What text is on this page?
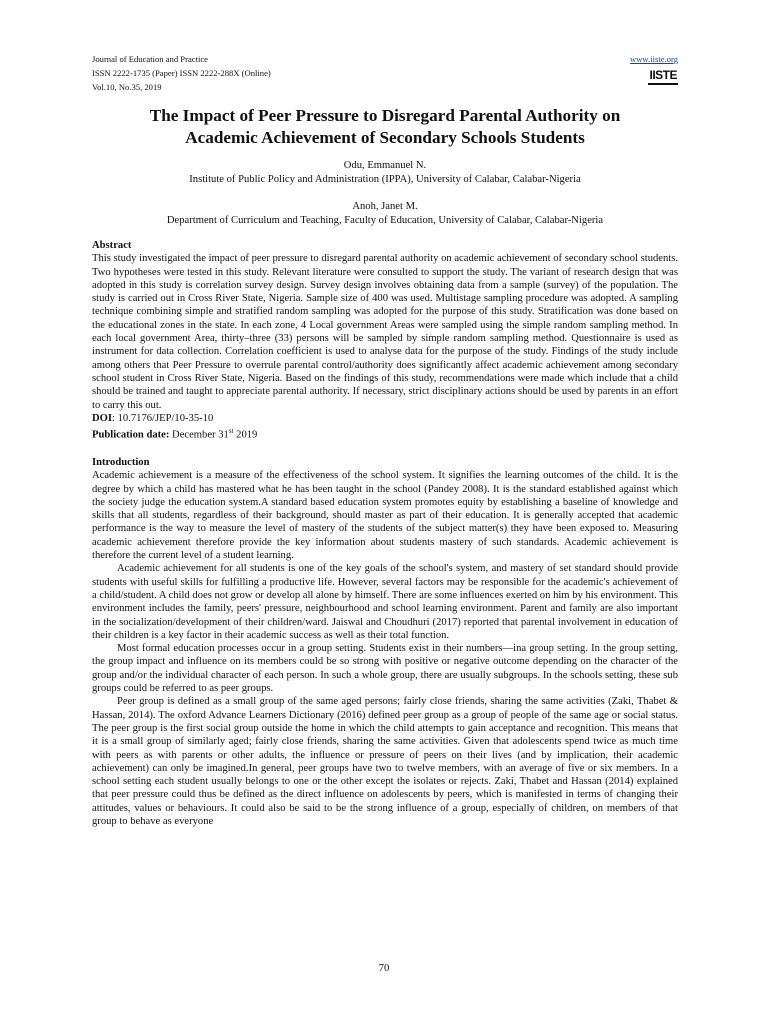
Journal of Education and Practice
ISSN 2222-1735 (Paper) ISSN 2222-288X (Online)
Vol.10, No.35, 2019
www.iiste.org
IISTE
The Impact of Peer Pressure to Disregard Parental Authority on
Academic Achievement of Secondary Schools Students
Odu, Emmanuel N.
Institute of Public Policy and Administration (IPPA), University of Calabar, Calabar-Nigeria
Anoh, Janet M.
Department of Curriculum and Teaching, Faculty of Education, University of Calabar, Calabar-Nigeria
Abstract

This study investigated the impact of peer pressure to disregard parental authority on academic achievement of secondary school students. Two hypotheses were tested in this study. Relevant literature were consulted to support the study. The variant of research design that was adopted in this study is correlation survey design. Survey design involves obtaining data from a sample (survey) of the population. The study is carried out in Cross River State, Nigeria. Sample size of 400 was used. Multistage sampling procedure was adopted. A sampling technique combining simple and stratified random sampling was adopted for the purpose of this study. Stratification was done based on the educational zones in the state. In each zone, 4 Local government Areas were sampled using the simple random sampling method. In each local government Area, thirty–three (33) persons will be sampled by simple random sampling method. Questionnaire is used as instrument for data collection. Correlation coefficient is used to analyse data for the purpose of the study. Findings of the study include among others that Peer Pressure to overrule parental control/authority does significantly affect academic achievement among secondary school student in Cross River State, Nigeria. Based on the findings of this study, recommendations were made which include that a child should be trained and taught to appreciate parental authority. If necessary, strict disciplinary actions should be used by parents in an effort to carry this out.

DOI: 10.7176/JEP/10-35-10
Publication date: December 31st 2019
Introduction

Academic achievement is a measure of the effectiveness of the school system. It signifies the learning outcomes of the child. It is the degree by which a child has mastered what he has been taught in the school (Pandey 2008). It is the standard established against which the society judge the education system.A standard based education system promotes equity by establishing a baseline of knowledge and skills that all students, regardless of their background, should master as part of their education. It is generally accepted that academic performance is the way to measure the level of mastery of the students of the subject matter(s) they have been exposed to. Measuring academic achievement therefore provide the key information about students mastery of such standards. Academic achievement is therefore the current level of a student learning.

Academic achievement for all students is one of the key goals of the school's system, and mastery of set standard should provide students with useful skills for fulfilling a productive life. However, several factors may be responsible for the academic's achievement of a child/student. A child does not grow or develop all alone by himself. There are some influences exerted on him by his environment. This environment includes the family, peers' pressure, neighbourhood and school learning environment. Parent and family are also important in the socialization/development of their children/ward. Jaiswal and Choudhuri (2017) reported that parental involvement in education of their children is a key factor in their academic success as well as their total function.

Most formal education processes occur in a group setting. Students exist in their numbers—ina group setting. In the group setting, the group impact and influence on its members could be so strong with positive or negative outcome depending on the character of the group and/or the individual character of each person. In such a whole group, there are usually subgroups. In the schools setting, these sub groups could be referred to as peer groups.

Peer group is defined as a small group of the same aged persons; fairly close friends, sharing the same activities (Zaki, Thabet & Hassan, 2014). The oxford Advance Learners Dictionary (2016) defined peer group as a group of people of the same age or social status. The peer group is the first social group outside the home in which the child attempts to gain acceptance and recognition. This means that it is a small group of similarly aged; fairly close friends, sharing the same activities. Given that adolescents spend twice as much time with peers as with parents or other adults, the influence or pressure of peers on their lives (and by implication, their academic achievement) can only be imagined.In general, peer groups have two to twelve members, with an average of five or six members. In a school setting each student usually belongs to one or the other except the isolates or rejects. Zaki, Thabet and Hassan (2014) explained that peer pressure could thus be defined as the direct influence on adolescents by peers, which is manifested in terms of changing their attitudes, values or behaviours. It could also be said to be the strong influence of a group, especially of children, on members of that group to behave as everyone

70
